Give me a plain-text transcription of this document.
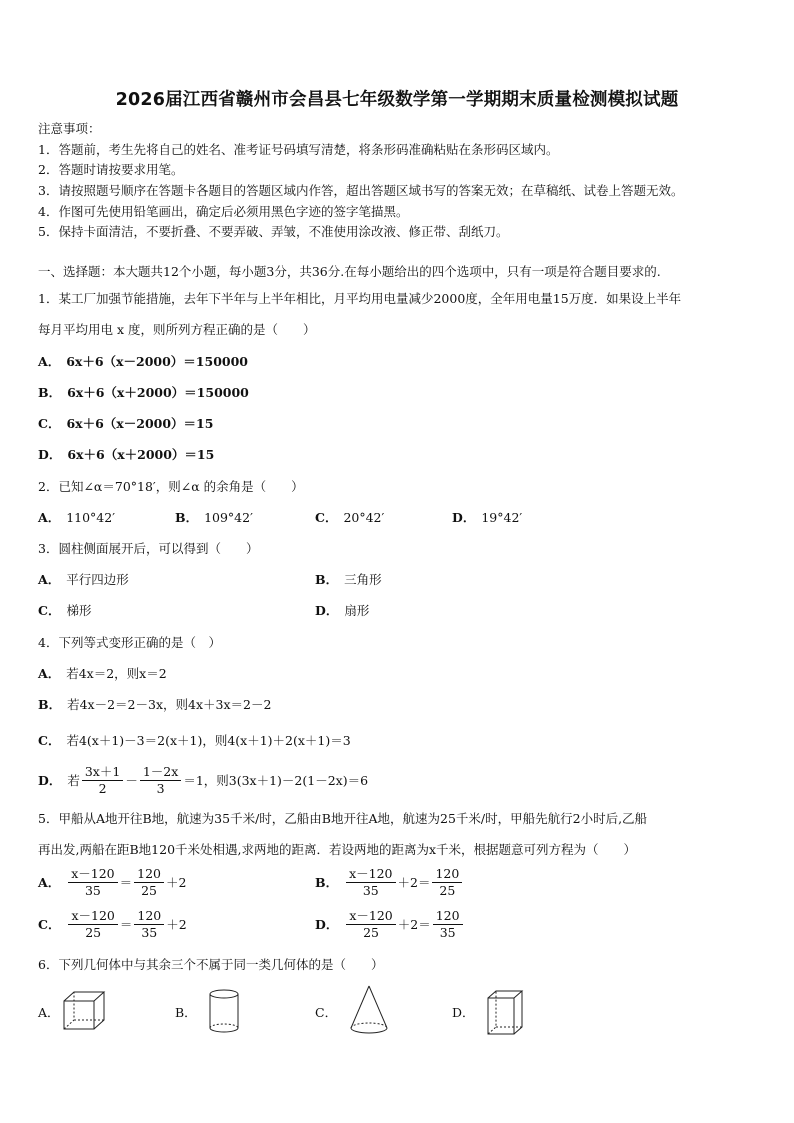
2026届江西省赣州市会昌县七年级数学第一学期期末质量检测模拟试题
注意事项：
1．答题前，考生先将自己的姓名、准考证号码填写清楚，将条形码准确粘贴在条形码区域内。
2．答题时请按要求用笔。
3．请按照题号顺序在答题卡各题目的答题区域内作答，超出答题区域书写的答案无效；在草稿纸、试卷上答题无效。
4．作图可先使用铅笔画出，确定后必须用黑色字迹的签字笔描黑。
5．保持卡面清洁，不要折叠、不要弄破、弄皱，不准使用涂改液、修正带、刮纸刀。
一、选择题：本大题共12个小题，每小题3分，共36分.在每小题给出的四个选项中，只有一项是符合题目要求的.
1．某工厂加强节能措施，去年下半年与上半年相比，月平均用电量减少2000度，全年用电量15万度．如果设上半年
每月平均用电 x 度，则所列方程正确的是（　　）
A． 6x＋6（x－2000）＝150000
B． 6x＋6（x＋2000）＝150000
C． 6x＋6（x－2000）＝15
D． 6x＋6（x＋2000）＝15
2．已知∠α＝70°18′，则∠α 的余角是（　　）
A． 110°42′	B． 109°42′	C． 20°42′	D． 19°42′
3．圆柱侧面展开后，可以得到（　　）
A． 平行四边形	B． 三角形
C． 梯形	D． 扇形
4．下列等式变形正确的是（　）
A． 若4x＝2，则x＝2
B． 若4x－2＝2－3x，则4x＋3x＝2－2
C． 若4(x＋1)－3＝2(x＋1)，则4(x＋1)＋2(x＋1)＝3
D． 若 $\frac{3x+1}{2} - \frac{1-2x}{3} =1$，则3(3x＋1)－2(1－2x)＝6
5．甲船从A地开往B地，航速为35千米/时，乙船由B地开往A地，航速为25千米/时，甲船先航行2小时后,乙船
再出发,两船在距B地120千米处相遇,求两地的距离．若设两地的距离为x千米，根据题意可列方程为（　　）
A． $\frac{x-120}{35} = \frac{120}{25} +2$	B． $\frac{x-120}{35} +2= \frac{120}{25}$
C． $\frac{x-120}{25} = \frac{120}{35} +2$	D． $\frac{x-120}{25} +2= \frac{120}{35}$
6．下列几何体中与其余三个不属于同一类几何体的是（　　）
A．	B．	C．	D．
